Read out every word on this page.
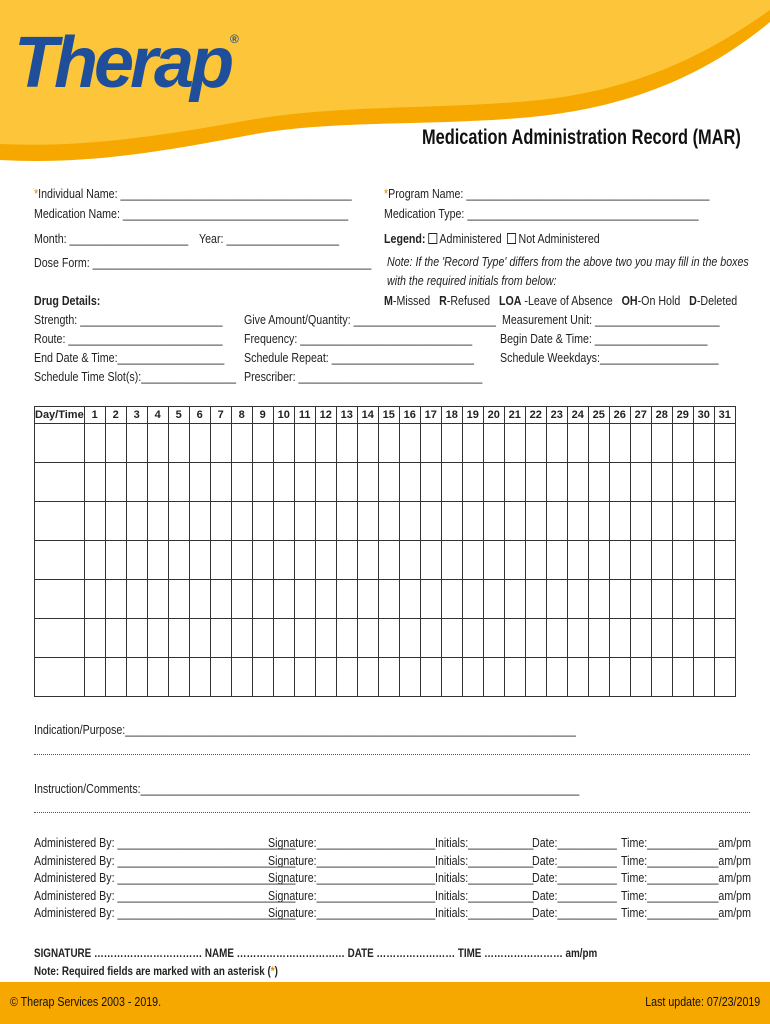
Therap®
Medication Administration Record (MAR)
*Individual Name: _______________________________________ *Program Name: _________________________________________
Medication Name: ______________________________________	Medication Type: _______________________________________
Month: ____________________ Year: ___________________	Legend: Administered Not Administered
Dose Form: _______________________________________________ Note: If the 'Record Type' differs from the above two you may fill in the boxes
with the required initials from below:
Drug Details:	M-Missed R-Refused LOA -Leave of Absence OH-On Hold D-Deleted
Strength: ________________________ Give Amount/Quantity: ________________________ Measurement Unit: _____________________
Route: __________________________ Frequency: _____________________________ Begin Date & Time: ___________________
End Date & Time:__________________ Schedule Repeat: ________________________ Schedule Weekdays:____________________
Schedule Time Slot(s):________________ Prescriber: _______________________________
Day/Time	1	2	3	4	5	6	7	8	9	10	11	12	13	14	15	16	17	18	19	20	21	22	23	24	25	26	27	28	29	30	31

Indication/Purpose:____________________________________________________________________________
Instruction/Comments:__________________________________________________________________________
Administered By: ______________________________
Signature:____________________ Initials:___________
Date:__________ Time:____________am/pm
Administered By: ______________________________
Signature:____________________ Initials:___________
Date:__________ Time:____________am/pm
Administered By: ______________________________
Signature:____________________ Initials:___________
Date:__________ Time:____________am/pm
Administered By: ______________________________
Signature:____________________ Initials:___________
Date:__________ Time:____________am/pm
Administered By: ______________________________
Signature:____________________ Initials:___________
Date:__________ Time:____________am/pm
SIGNATURE …………………………… NAME …………………………… DATE …………………… TIME …………………… am/pm
Note: Required fields are marked with an asterisk (*)
© Therap Services 2003 - 2019.	Last update: 07/23/2019
